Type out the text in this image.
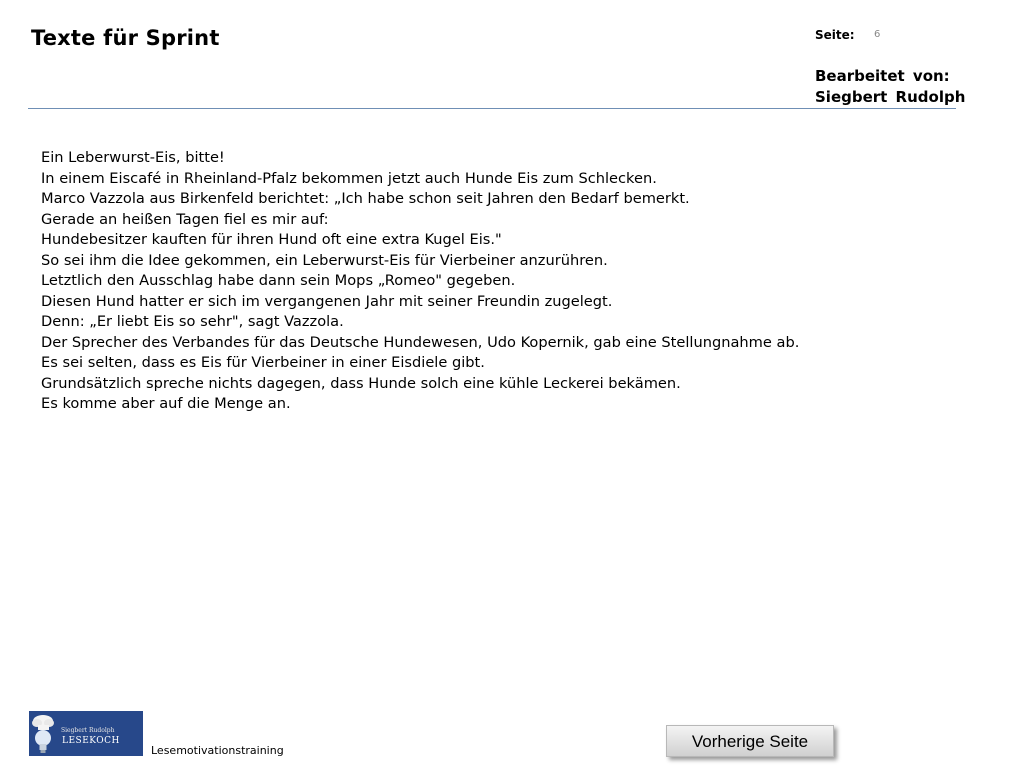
Texte für Sprint	Seite: 6
Bearbeitet von:
Siegbert Rudolph
Ein Leberwurst-Eis, bitte!
In einem Eiscafé in Rheinland-Pfalz bekommen jetzt auch Hunde Eis zum Schlecken.
Marco Vazzola aus Birkenfeld berichtet: „Ich habe schon seit Jahren den Bedarf bemerkt.
Gerade an heißen Tagen fiel es mir auf:
Hundebesitzer kauften für ihren Hund oft eine extra Kugel Eis."
So sei ihm die Idee gekommen, ein Leberwurst-Eis für Vierbeiner anzurühren.
Letztlich den Ausschlag habe dann sein Mops „Romeo" gegeben.
Diesen Hund hatter er sich im vergangenen Jahr mit seiner Freundin zugelegt.
Denn: „Er liebt Eis so sehr", sagt Vazzola.
Der Sprecher des Verbandes für das Deutsche Hundewesen, Udo Kopernik, gab eine Stellungnahme ab.
Es sei selten, dass es Eis für Vierbeiner in einer Eisdiele gibt.
Grundsätzlich spreche nichts dagegen, dass Hunde solch eine kühle Leckerei bekämen.
Es komme aber auf die Menge an.
Siegbert Rudolph
LESEKOCH
Lesemotivationstraining	Vorherige Seite
